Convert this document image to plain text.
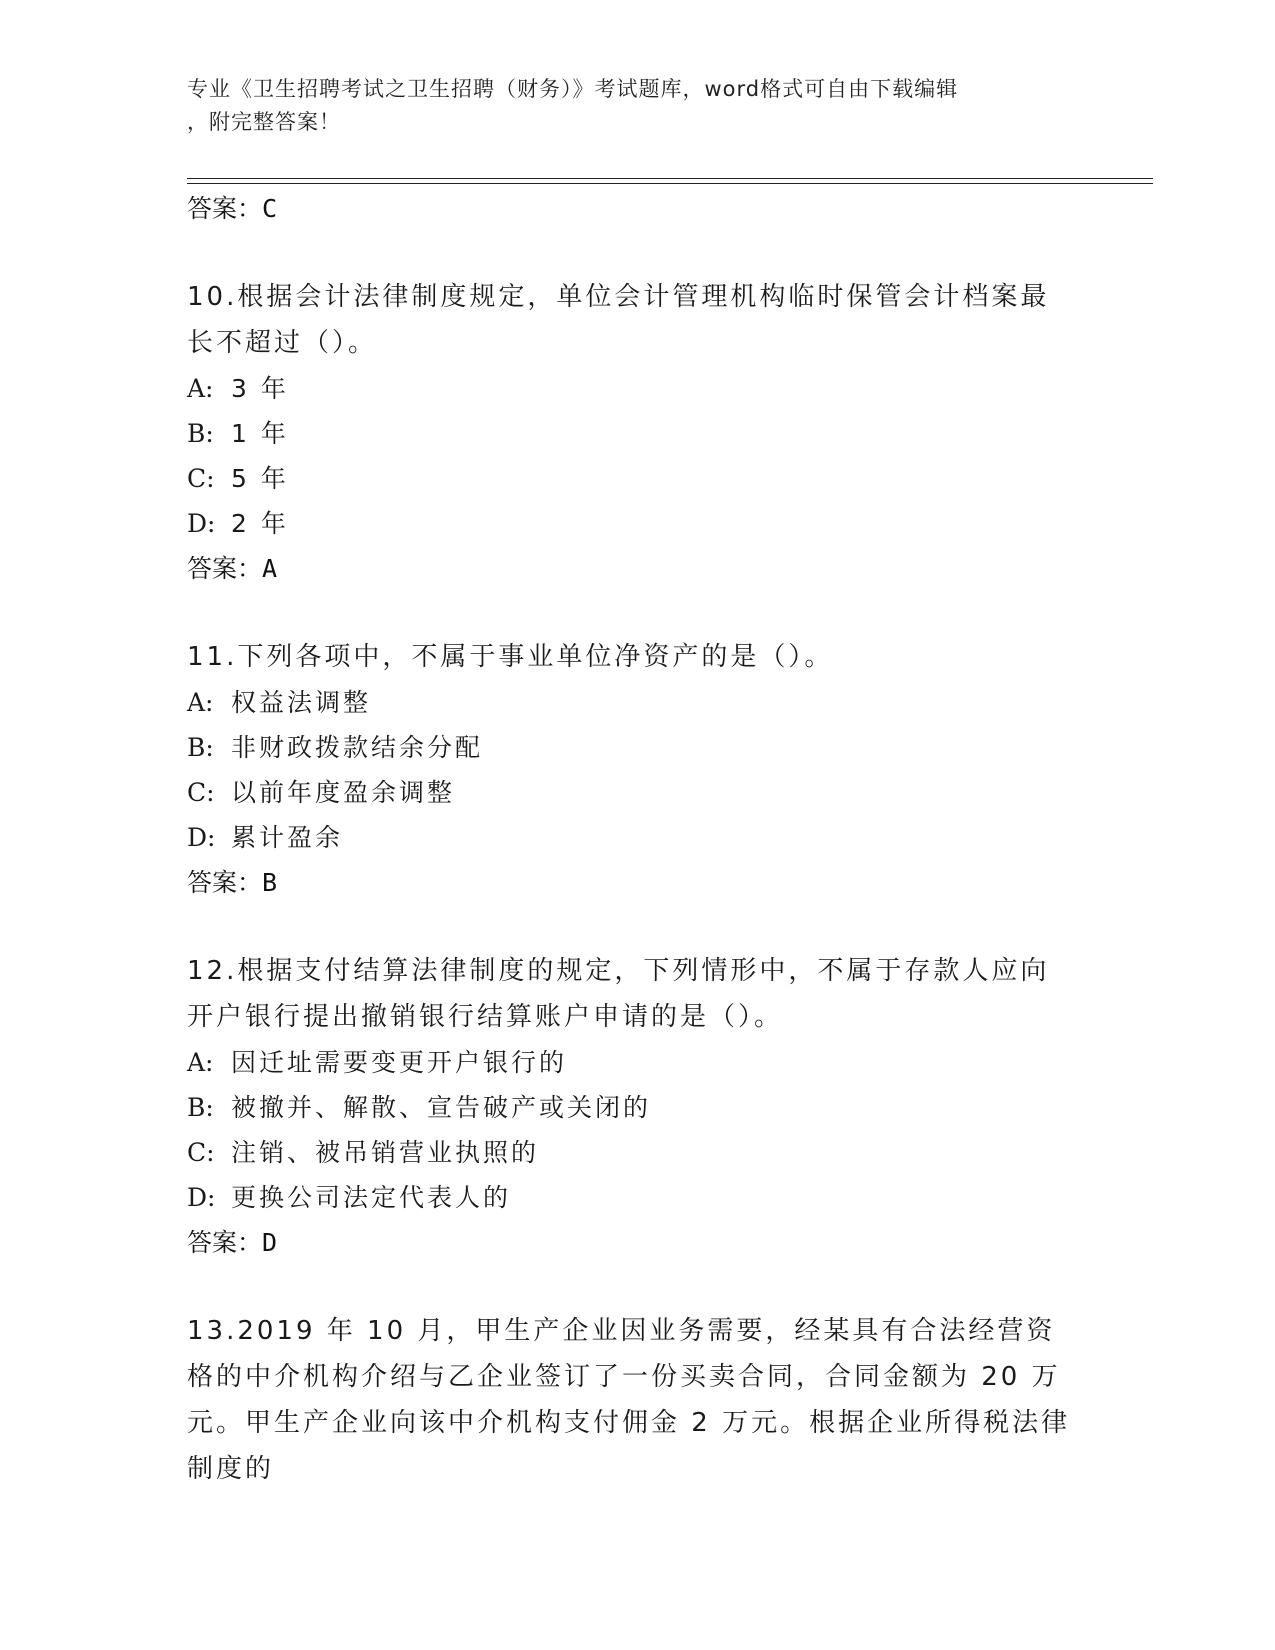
专业《卫生招聘考试之卫生招聘（财务）》考试题库，word格式可自由下载编辑
，附完整答案！

答案：C

10.根据会计法律制度规定，单位会计管理机构临时保管会计档案最长不超过（）。

A: 3 年

B: 1 年

C: 5 年

D: 2 年

答案：A

11.下列各项中，不属于事业单位净资产的是（）。

A: 权益法调整

B: 非财政拨款结余分配

C: 以前年度盈余调整

D: 累计盈余

答案：B

12.根据支付结算法律制度的规定，下列情形中，不属于存款人应向开户银行提出撤销银行结算账户申请的是（）。

A: 因迁址需要变更开户银行的

B: 被撤并、解散、宣告破产或关闭的

C: 注销、被吊销营业执照的

D: 更换公司法定代表人的

答案：D

13.2019 年 10 月，甲生产企业因业务需要，经某具有合法经营资格的中介机构介绍与乙企业签订了一份买卖合同，合同金额为 20 万元。甲生产企业向该中介机构支付佣金 2 万元。根据企业所得税法律制度的
